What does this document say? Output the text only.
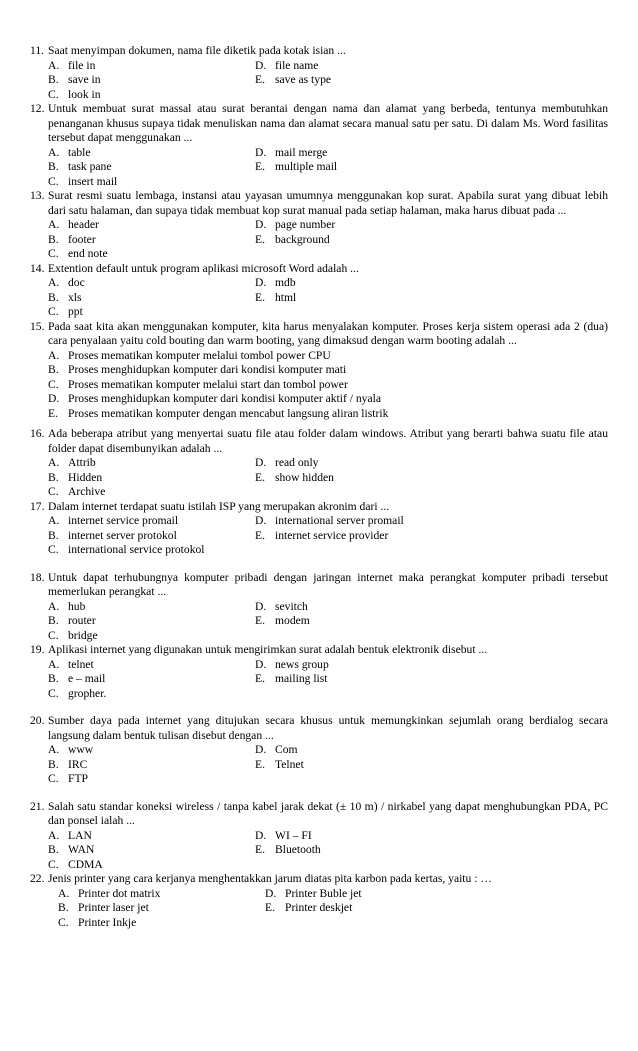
11. Saat menyimpan dokumen, nama file diketik pada kotak isian ...
A. file in	D. file name
B. save in	E. save as type
C. look in
12. Untuk membuat surat massal atau surat berantai dengan nama dan alamat yang berbeda, tentunya membutuhkan penanganan khusus supaya tidak menuliskan nama dan alamat secara manual satu per satu. Di dalam Ms. Word fasilitas tersebut dapat menggunakan ...
A. table	D. mail merge
B. task pane	E. multiple mail
C. insert mail
13. Surat resmi suatu lembaga, instansi atau yayasan umumnya menggunakan kop surat. Apabila surat yang dibuat lebih dari satu halaman, dan supaya tidak membuat kop surat manual pada setiap halaman, maka harus dibuat pada ...
A. header	D. page number
B. footer	E. background
C. end note
14. Extention default untuk program aplikasi microsoft Word adalah ...
A. doc	D. mdb
B. xls	E. html
C. ppt
15. Pada saat kita akan menggunakan komputer, kita harus menyalakan komputer. Proses kerja sistem operasi ada 2 (dua) cara penyalaan yaitu cold bouting dan warm booting, yang dimaksud dengan warm booting adalah ...
A. Proses mematikan komputer melalui tombol power CPU
B. Proses menghidupkan komputer dari kondisi komputer mati
C. Proses mematikan komputer melalui start dan tombol power
D. Proses menghidupkan komputer dari kondisi komputer aktif / nyala
E. Proses mematikan komputer dengan mencabut langsung aliran listrik
16. Ada beberapa atribut yang menyertai suatu file atau folder dalam windows. Atribut yang berarti bahwa suatu file atau folder dapat disembunyikan adalah ...
A. Attrib	D. read only
B. Hidden	E. show hidden
C. Archive
17. Dalam internet terdapat suatu istilah ISP yang merupakan akronim dari ...
A. internet service promail	D. international server promail
B. internet server protokol	E. internet service provider
C. international service protokol
18. Untuk dapat terhubungnya komputer pribadi dengan jaringan internet maka perangkat komputer pribadi tersebut memerlukan perangkat ...
A. hub	D. sevitch
B. router	E. modem
C. bridge
19. Aplikasi internet yang digunakan untuk mengirimkan surat adalah bentuk elektronik disebut ...
A. telnet	D. news group
B. e – mail	E. mailing list
C. gropher.
20. Sumber daya pada internet yang ditujukan secara khusus untuk memungkinkan sejumlah orang berdialog secara langsung dalam bentuk tulisan disebut dengan ...
A. www	D. Com
B. IRC	E. Telnet
C. FTP
21. Salah satu standar koneksi wireless / tanpa kabel jarak dekat (± 10 m) / nirkabel yang dapat menghubungkan PDA, PC dan ponsel ialah ...
A. LAN	D. WI – FI
B. WAN	E. Bluetooth
C. CDMA
22. Jenis printer yang cara kerjanya menghentakkan jarum diatas pita karbon pada kertas, yaitu : …
A. Printer dot matrix	D. Printer Buble jet
B. Printer laser jet	E. Printer deskjet
C. Printer Inkje
